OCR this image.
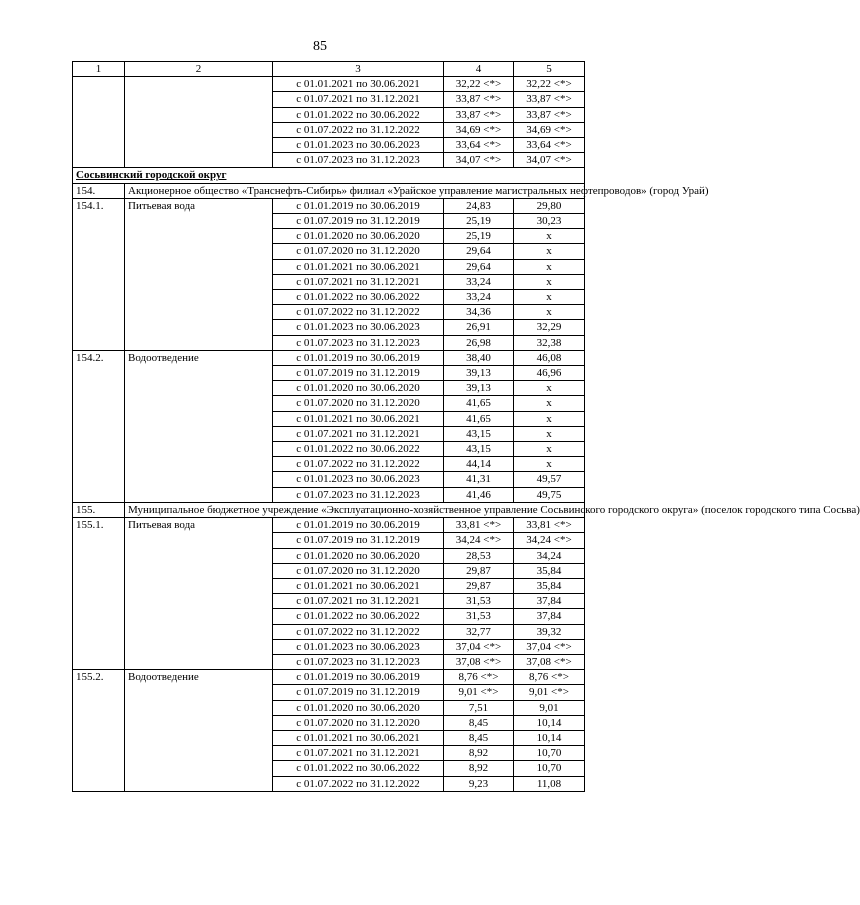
85
1	2	3	4	5
		с 01.01.2021 по 30.06.2021	32,22 <*>	32,22 <*>
		с 01.07.2021 по 31.12.2021	33,87 <*>	33,87 <*>
		с 01.01.2022 по 30.06.2022	33,87 <*>	33,87 <*>
		с 01.07.2022 по 31.12.2022	34,69 <*>	34,69 <*>
		с 01.01.2023 по 30.06.2023	33,64 <*>	33,64 <*>
		с 01.07.2023 по 31.12.2023	34,07 <*>	34,07 <*>
Сосьвинский городской округ				
154.	Акционерное общество «Транснефть-Сибирь» филиал «Урайское управление магистральных нефтепроводов» (город Урай)			
154.1.	Питьевая вода	с 01.01.2019 по 30.06.2019	24,83	29,80
		с 01.07.2019 по 31.12.2019	25,19	30,23
		с 01.01.2020 по 30.06.2020	25,19	x
		с 01.07.2020 по 31.12.2020	29,64	x
		с 01.01.2021 по 30.06.2021	29,64	x
		с 01.07.2021 по 31.12.2021	33,24	x
		с 01.01.2022 по 30.06.2022	33,24	x
		с 01.07.2022 по 31.12.2022	34,36	x
		с 01.01.2023 по 30.06.2023	26,91	32,29
		с 01.07.2023 по 31.12.2023	26,98	32,38
154.2.	Водоотведение	с 01.01.2019 по 30.06.2019	38,40	46,08
		с 01.07.2019 по 31.12.2019	39,13	46,96
		с 01.01.2020 по 30.06.2020	39,13	x
		с 01.07.2020 по 31.12.2020	41,65	x
		с 01.01.2021 по 30.06.2021	41,65	x
		с 01.07.2021 по 31.12.2021	43,15	x
		с 01.01.2022 по 30.06.2022	43,15	x
		с 01.07.2022 по 31.12.2022	44,14	x
		с 01.01.2023 по 30.06.2023	41,31	49,57
		с 01.07.2023 по 31.12.2023	41,46	49,75
155.	Муниципальное бюджетное учреждение «Эксплуатационно-хозяйственное управление Сосьвинского городского округа» (поселок городского типа Сосьва)			
155.1.	Питьевая вода	с 01.01.2019 по 30.06.2019	33,81 <*>	33,81 <*>
		с 01.07.2019 по 31.12.2019	34,24 <*>	34,24 <*>
		с 01.01.2020 по 30.06.2020	28,53	34,24
		с 01.07.2020 по 31.12.2020	29,87	35,84
		с 01.01.2021 по 30.06.2021	29,87	35,84
		с 01.07.2021 по 31.12.2021	31,53	37,84
		с 01.01.2022 по 30.06.2022	31,53	37,84
		с 01.07.2022 по 31.12.2022	32,77	39,32
		с 01.01.2023 по 30.06.2023	37,04 <*>	37,04 <*>
		с 01.07.2023 по 31.12.2023	37,08 <*>	37,08 <*>
155.2.	Водоотведение	с 01.01.2019 по 30.06.2019	8,76 <*>	8,76 <*>
		с 01.07.2019 по 31.12.2019	9,01 <*>	9,01 <*>
		с 01.01.2020 по 30.06.2020	7,51	9,01
		с 01.07.2020 по 31.12.2020	8,45	10,14
		с 01.01.2021 по 30.06.2021	8,45	10,14
		с 01.07.2021 по 31.12.2021	8,92	10,70
		с 01.01.2022 по 30.06.2022	8,92	10,70
		с 01.07.2022 по 31.12.2022	9,23	11,08
